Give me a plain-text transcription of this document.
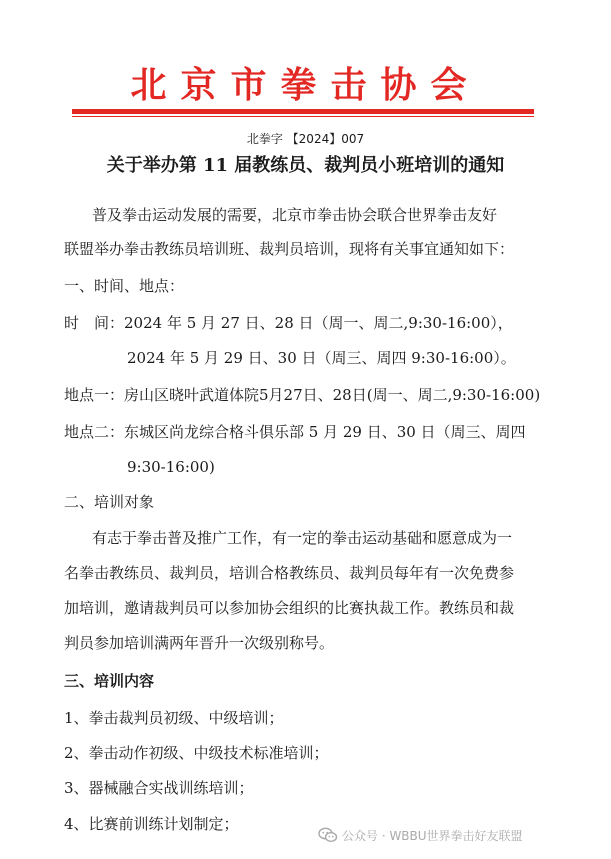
北京市拳击协会
北拳字 【2024】007
关于举办第 11 届教练员、裁判员小班培训的通知
普及拳击运动发展的需要，北京市拳击协会联合世界拳击友好
联盟举办拳击教练员培训班、裁判员培训，现将有关事宜通知如下：
一、时间、地点：
时　间：2024 年 5 月 27 日、28 日（周一、周二,9:30-16:00），
2024 年 5 月 29 日、30 日（周三、周四 9:30-16:00）。
地点一：房山区晓叶武道体院5月27日、28日(周一、周二,9:30-16:00)
地点二：东城区尚龙综合格斗俱乐部 5 月 29 日、30 日（周三、周四
9:30-16:00)
二、培训对象
有志于拳击普及推广工作，有一定的拳击运动基础和愿意成为一
名拳击教练员、裁判员，培训合格教练员、裁判员每年有一次免费参
加培训，邀请裁判员可以参加协会组织的比赛执裁工作。教练员和裁
判员参加培训满两年晋升一次级别称号。
三、培训内容
1、拳击裁判员初级、中级培训；
2、拳击动作初级、中级技术标准培训；
3、器械融合实战训练培训；
4、比赛前训练计划制定；
公众号 · WBBU世界拳击好友联盟
